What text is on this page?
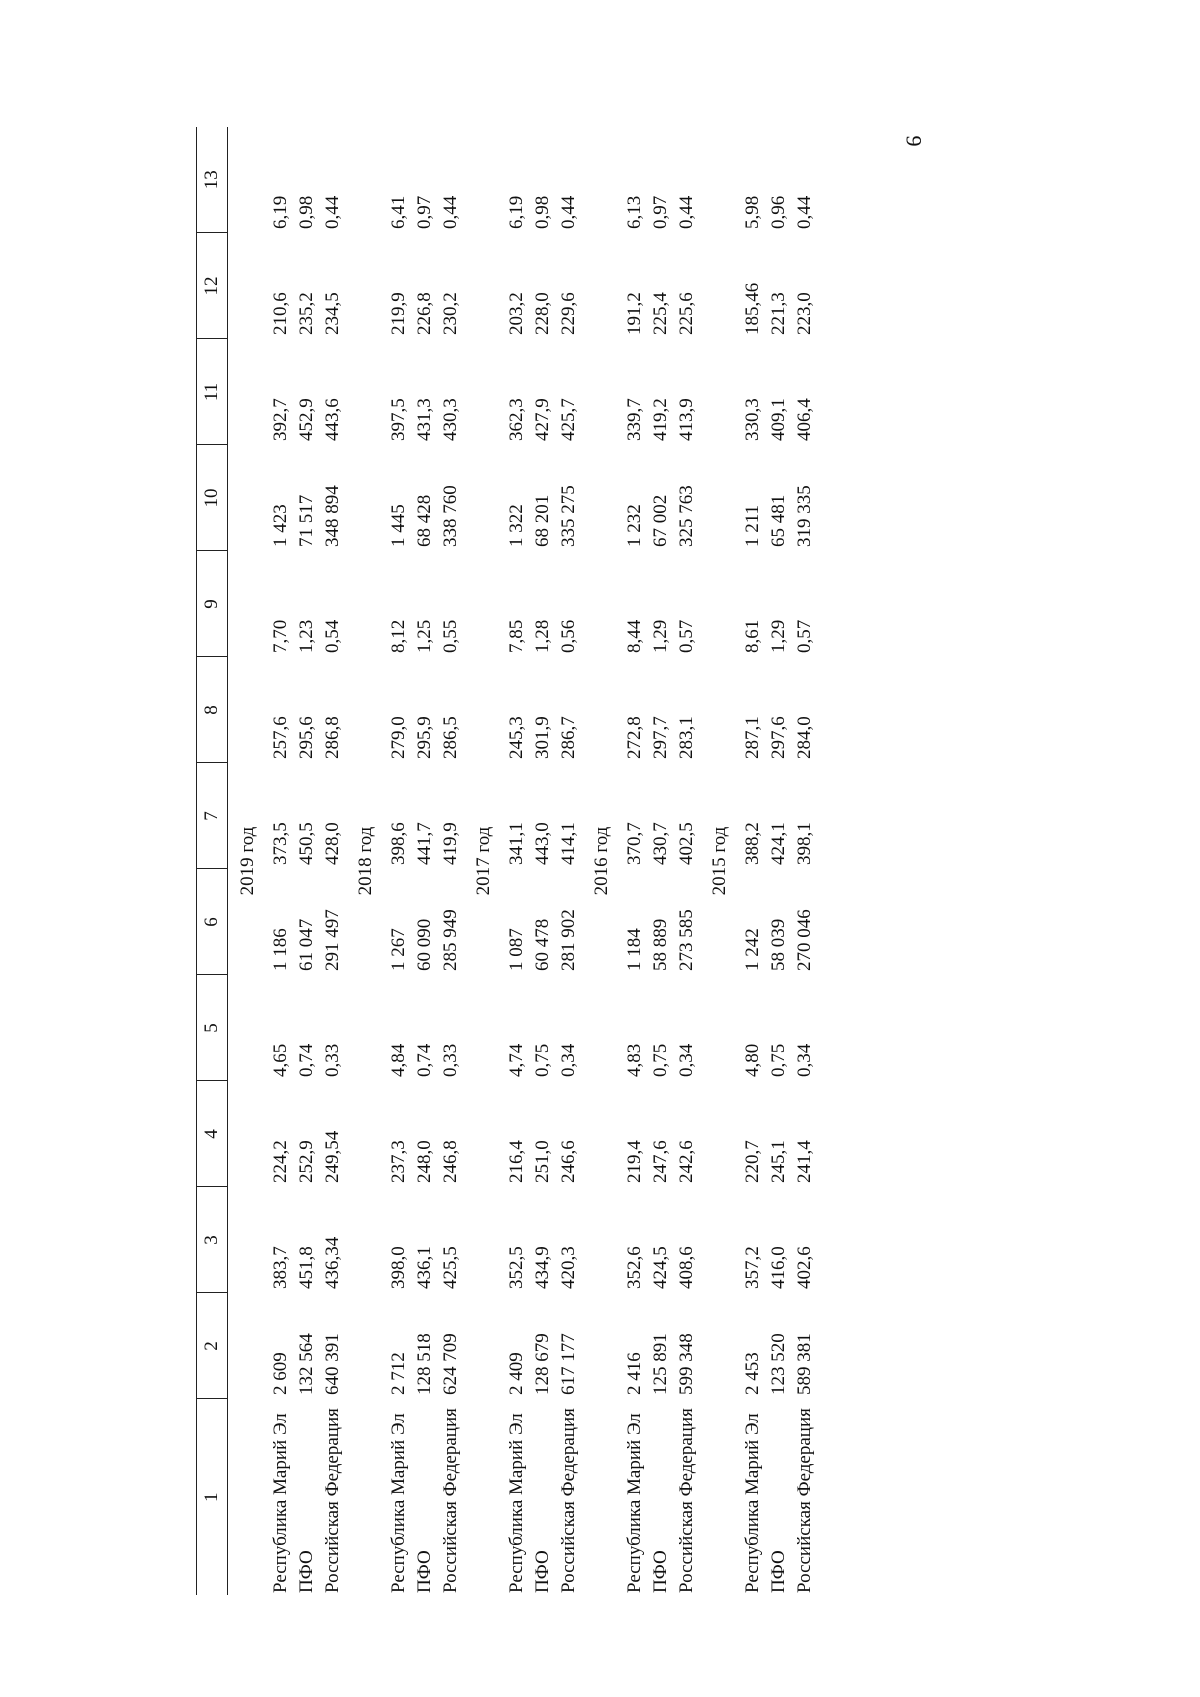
9
1	2	3	4	5	6	7	8	9	10	11	12	13
2019 год												
Республика Марий Эл	2 609	383,7	224,2	4,65	1 186	373,5	257,6	7,70	1 423	392,7	210,6	6,19
ПФО	132 564	451,8	252,9	0,74	61 047	450,5	295,6	1,23	71 517	452,9	235,2	0,98
Российская Федерация	640 391	436,34	249,54	0,33	291 497	428,0	286,8	0,54	348 894	443,6	234,5	0,44
2018 год												
Республика Марий Эл	2 712	398,0	237,3	4,84	1 267	398,6	279,0	8,12	1 445	397,5	219,9	6,41
ПФО	128 518	436,1	248,0	0,74	60 090	441,7	295,9	1,25	68 428	431,3	226,8	0,97
Российская Федерация	624 709	425,5	246,8	0,33	285 949	419,9	286,5	0,55	338 760	430,3	230,2	0,44
2017 год												
Республика Марий Эл	2 409	352,5	216,4	4,74	1 087	341,1	245,3	7,85	1 322	362,3	203,2	6,19
ПФО	128 679	434,9	251,0	0,75	60 478	443,0	301,9	1,28	68 201	427,9	228,0	0,98
Российская Федерация	617 177	420,3	246,6	0,34	281 902	414,1	286,7	0,56	335 275	425,7	229,6	0,44
2016 год												
Республика Марий Эл	2 416	352,6	219,4	4,83	1 184	370,7	272,8	8,44	1 232	339,7	191,2	6,13
ПФО	125 891	424,5	247,6	0,75	58 889	430,7	297,7	1,29	67 002	419,2	225,4	0,97
Российская Федерация	599 348	408,6	242,6	0,34	273 585	402,5	283,1	0,57	325 763	413,9	225,6	0,44
2015 год												
Республика Марий Эл	2 453	357,2	220,7	4,80	1 242	388,2	287,1	8,61	1 211	330,3	185,46	5,98
ПФО	123 520	416,0	245,1	0,75	58 039	424,1	297,6	1,29	65 481	409,1	221,3	0,96
Российская Федерация	589 381	402,6	241,4	0,34	270 046	398,1	284,0	0,57	319 335	406,4	223,0	0,44
